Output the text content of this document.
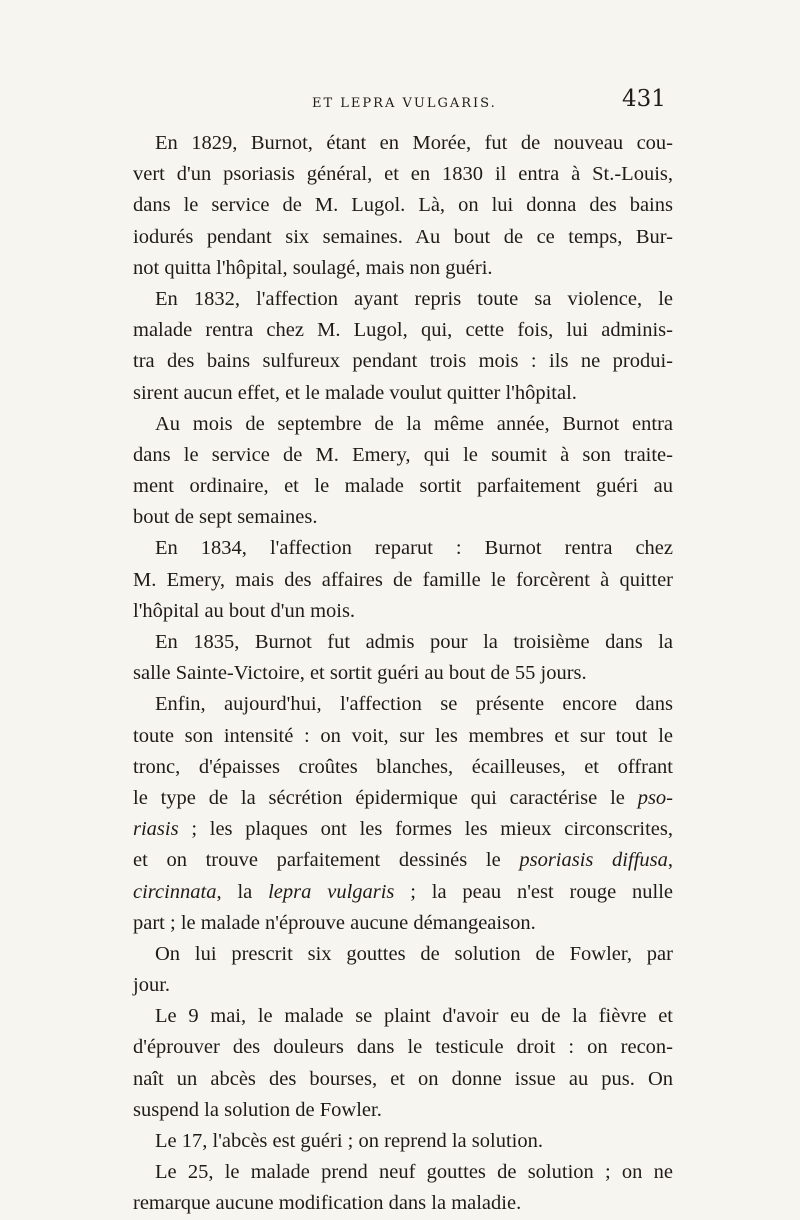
ET LEPRA VULGARIS.	431
En 1829, Burnot, étant en Morée, fut de nouveau cou-
vert d'un psoriasis général, et en 1830 il entra à St.-Louis,
dans le service de M. Lugol. Là, on lui donna des bains
iodurés pendant six semaines. Au bout de ce temps, Bur-
not quitta l'hôpital, soulagé, mais non guéri.
En 1832, l'affection ayant repris toute sa violence, le
malade rentra chez M. Lugol, qui, cette fois, lui adminis-
tra des bains sulfureux pendant trois mois : ils ne produi-
sirent aucun effet, et le malade voulut quitter l'hôpital.
Au mois de septembre de la même année, Burnot entra
dans le service de M. Emery, qui le soumit à son traite-
ment ordinaire, et le malade sortit parfaitement guéri au
bout de sept semaines.
En 1834, l'affection reparut : Burnot rentra chez
M. Emery, mais des affaires de famille le forcèrent à quitter
l'hôpital au bout d'un mois.
En 1835, Burnot fut admis pour la troisième dans la
salle Sainte-Victoire, et sortit guéri au bout de 55 jours.
Enfin, aujourd'hui, l'affection se présente encore dans
toute son intensité : on voit, sur les membres et sur tout le
tronc, d'épaisses croûtes blanches, écailleuses, et offrant
le type de la sécrétion épidermique qui caractérise le pso-
riasis ; les plaques ont les formes les mieux circonscrites,
et on trouve parfaitement dessinés le psoriasis diffusa,
circinnata, la lepra vulgaris ; la peau n'est rouge nulle
part ; le malade n'éprouve aucune démangeaison.
On lui prescrit six gouttes de solution de Fowler, par
jour.
Le 9 mai, le malade se plaint d'avoir eu de la fièvre et
d'éprouver des douleurs dans le testicule droit : on recon-
naît un abcès des bourses, et on donne issue au pus. On
suspend la solution de Fowler.
Le 17, l'abcès est guéri ; on reprend la solution.
Le 25, le malade prend neuf gouttes de solution ; on ne
remarque aucune modification dans la maladie.
